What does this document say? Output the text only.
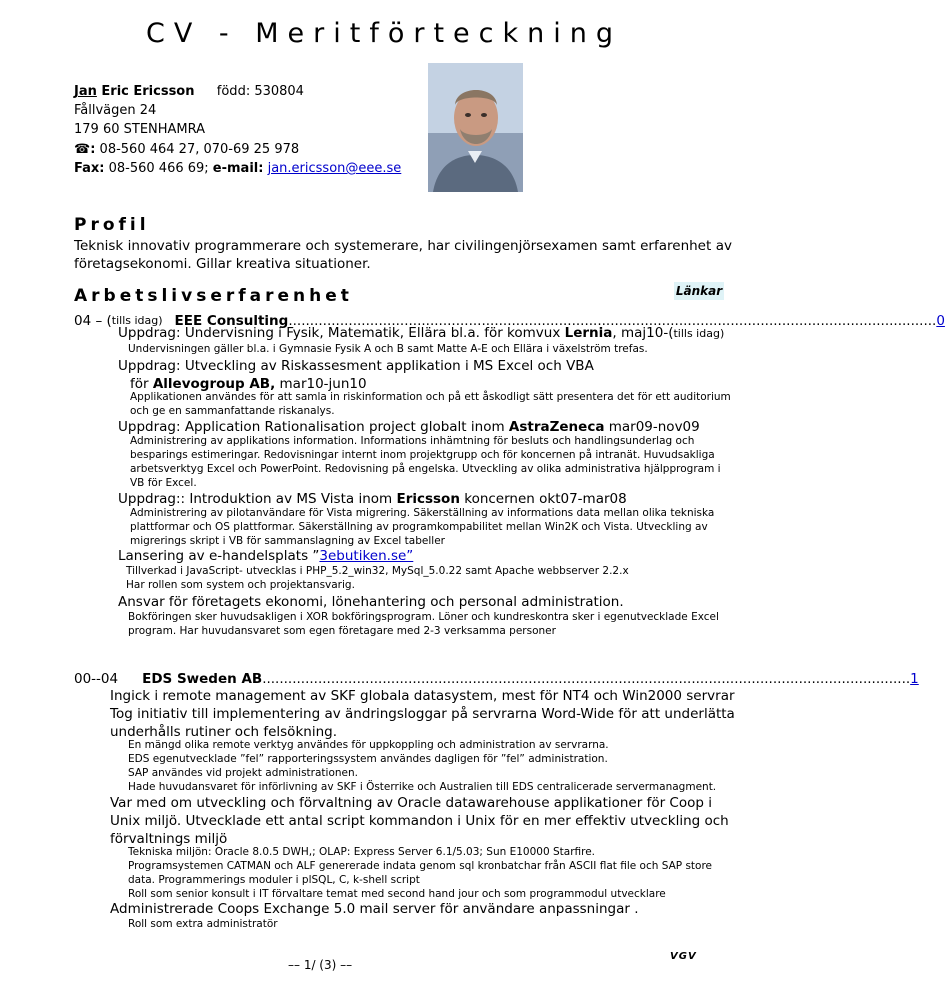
CV - Meritförteckning
Jan Eric Ericsson född: 530804
Fållvägen 24
179 60 STENHAMRA
☎: 08-560 464 27, 070-69 25 978
Fax: 08-560 466 69; e-mail: jan.ericsson@eee.se
Profil
Teknisk innovativ programmerare och systemerare, har civilingenjörsexamen samt erfarenhet av företagsekonomi. Gillar kreativa situationer.
Arbetslivserfarenhet	Länkar
04 – ( tills idag) EEE Consulting ....................................................................................................................................................... 0
Uppdrag: Undervisning i Fysik, Matematik, Ellära bl.a. för komvux Lernia, maj10-(tills idag)
Undervisningen gäller bl.a. i Gymnasie Fysik A och B samt Matte A-E och Ellära i växelström trefas.
Uppdrag: Utveckling av Riskassesment applikation i MS Excel och VBA
för Allevogroup AB, mar10-jun10
Applikationen användes för att samla in riskinformation och på ett åskodligt sätt presentera det för ett auditorium
och ge en sammanfattande riskanalys.
Uppdrag: Application Rationalisation project globalt inom AstraZeneca mar09-nov09
Administrering av applikations information. Informations inhämtning för besluts och handlingsunderlag och
besparings estimeringar. Redovisningar internt inom projektgrupp och för koncernen på intranät. Huvudsakliga
arbetsverktyg Excel och PowerPoint. Redovisning på engelska. Utveckling av olika administrativa hjälpprogram i
VB för Excel.
Uppdrag:: Introduktion av MS Vista inom Ericsson koncernen okt07-mar08
Administrering av pilotanvändare för Vista migrering. Säkerställning av informations data mellan olika tekniska
plattformar och OS plattformar. Säkerställning av programkompabilitet mellan Win2K och Vista. Utveckling av
migrerings skript i VB för sammanslagning av Excel tabeller
Lansering av e-handelsplats ”3ebutiken.se”
Tillverkad i JavaScript- utvecklas i PHP_5.2_win32, MySql_5.0.22 samt Apache webbserver 2.2.x
Har rollen som system och projektansvarig.
Ansvar för företagets ekonomi, lönehantering och personal administration.
Bokföringen sker huvudsakligen i XOR bokföringsprogram. Löner och kundreskontra sker i egenutvecklade Excel
program. Har huvudansvaret som egen företagare med 2-3 verksamma personer
00--04 EDS Sweden AB ....................................................................................................................................................... 1
Ingick i remote management av SKF globala datasystem, mest för NT4 och Win2000 servrar
Tog initiativ till implementering av ändringsloggar på servrarna Word-Wide för att underlätta
underhålls rutiner och felsökning.
En mängd olika remote verktyg användes för uppkoppling och administration av servrarna.
EDS egenutvecklade ”fel” rapporteringssystem användes dagligen för ”fel” administration.
SAP användes vid projekt administrationen.
Hade huvudansvaret för införlivning av SKF i Österrike och Australien till EDS centralicerade servermanagment.
Var med om utveckling och förvaltning av Oracle datawarehouse applikationer för Coop i
Unix miljö. Utvecklade ett antal script kommandon i Unix för en mer effektiv utveckling och
förvaltnings miljö
Tekniska miljön: Oracle 8.0.5 DWH,; OLAP: Express Server 6.1/5.03; Sun E10000 Starfire.
Programsystemen CATMAN och ALF genererade indata genom sql kronbatchar från ASCII flat file och SAP store
data. Programmerings moduler i plSQL, C, k-shell script
Roll som senior konsult i IT förvaltare temat med second hand jour och som programmodul utvecklare
Administrerade Coops Exchange 5.0 mail server för användare anpassningar .
Roll som extra administratör
–– 1/ (3) ––
VGV
